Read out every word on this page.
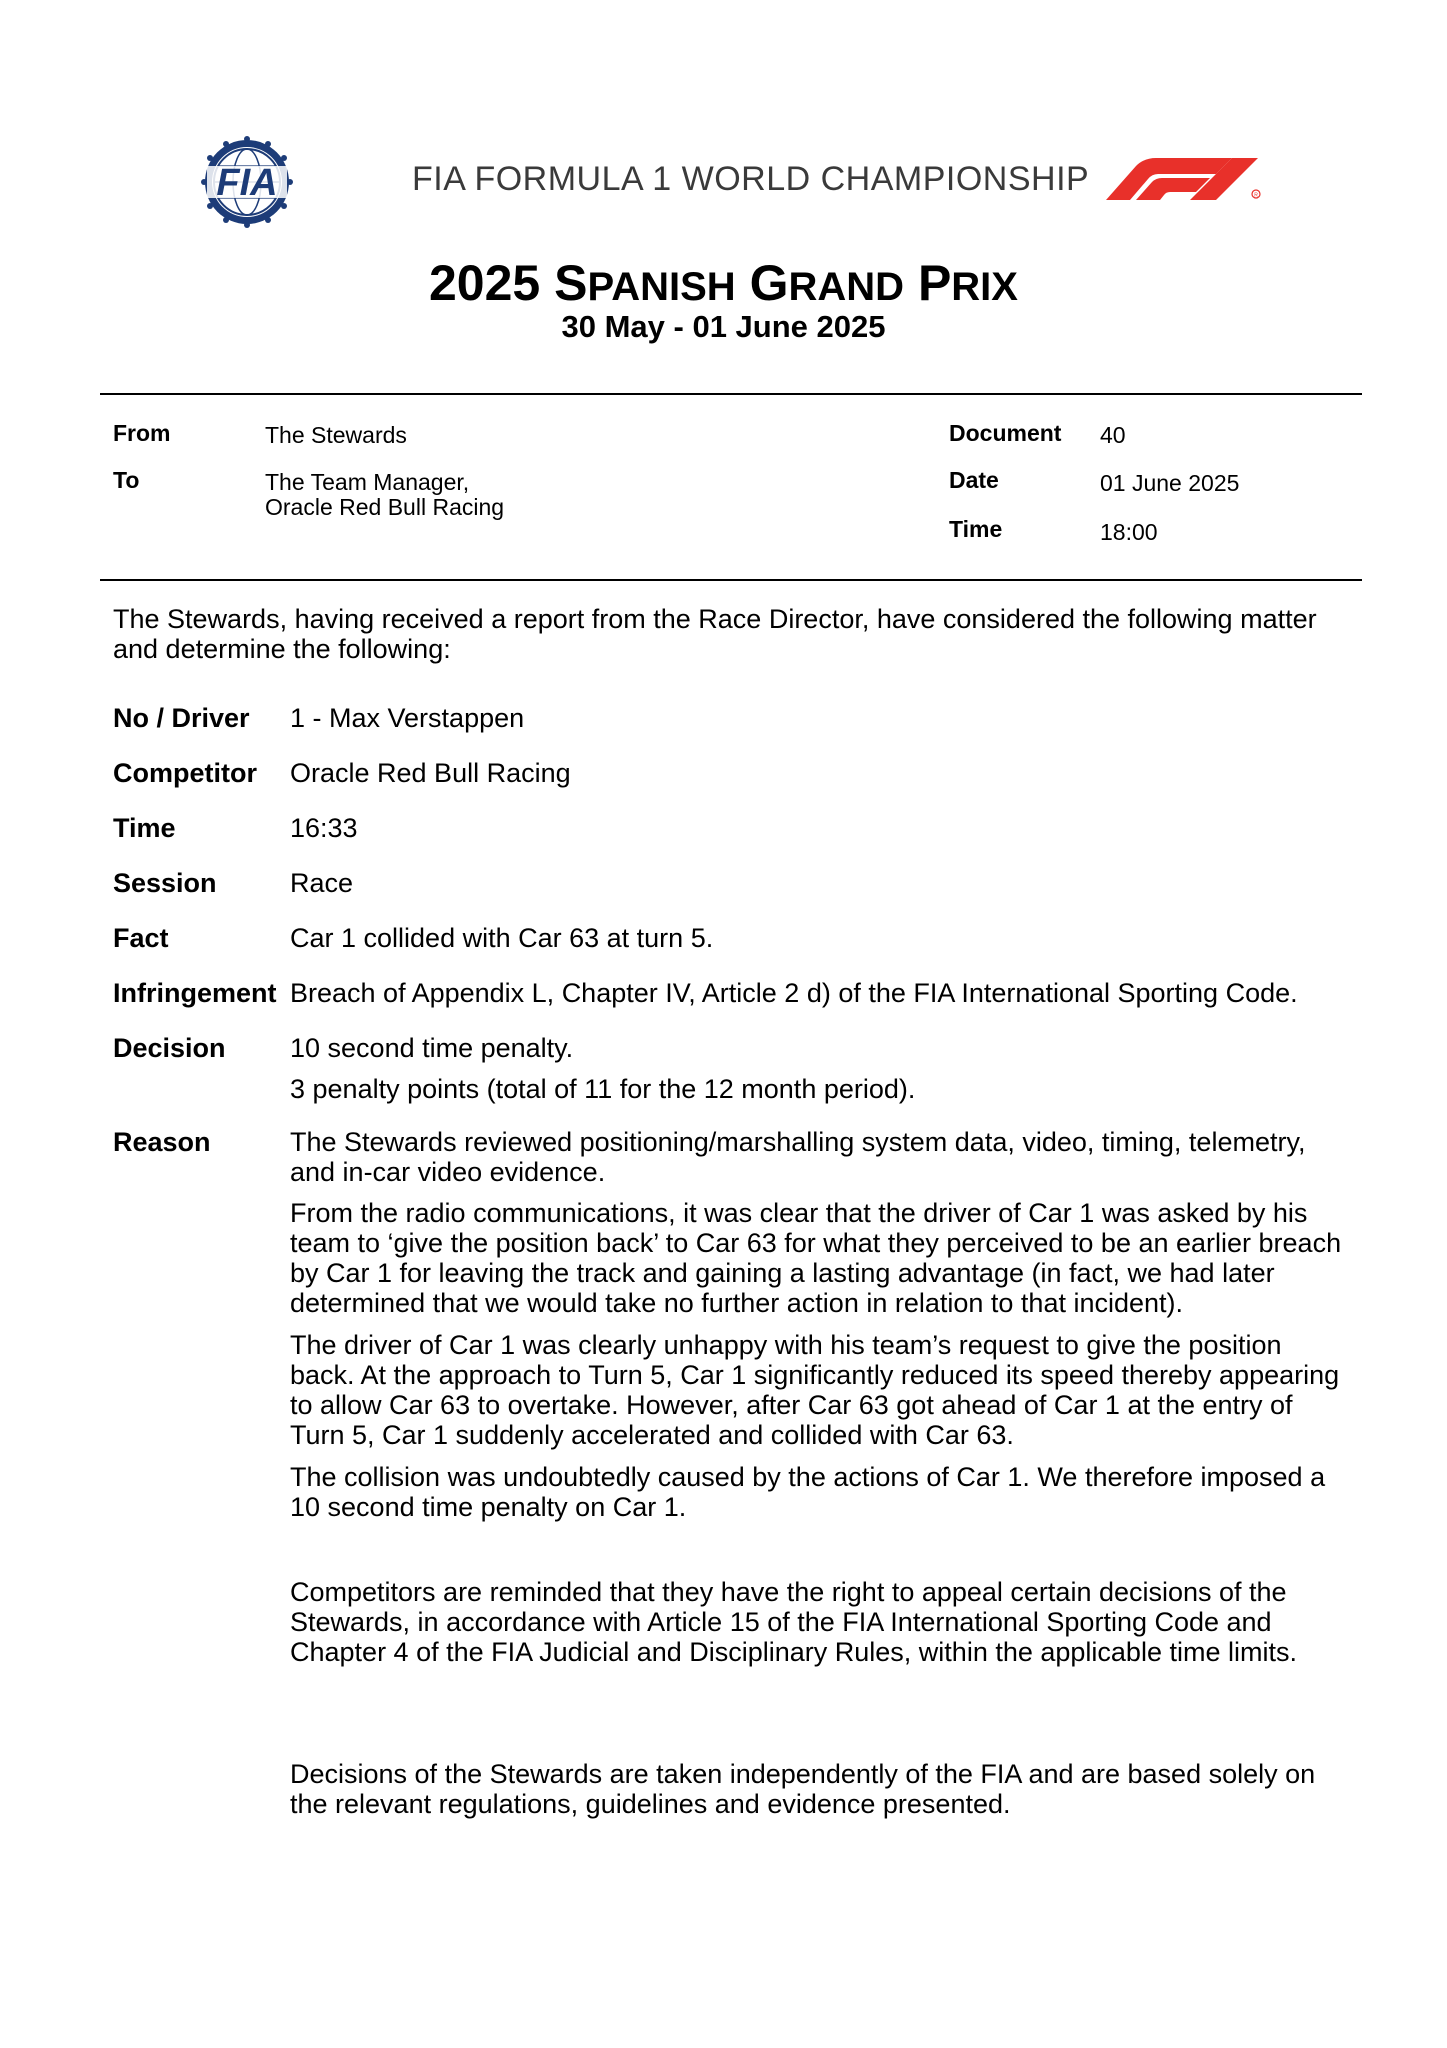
FIA	FIA FORMULA 1 WORLD CHAMPIONSHIP	R
2025 SPANISH GRAND PRIX
30 May - 01 June 2025
From	The Stewards
To	The Team Manager,
Oracle Red Bull Racing
Document 40
Date	01 June 2025
Time	18:00
The Stewards, having received a report from the Race Director, have considered the following matter and determine the following:
No / Driver 1 - Max Verstappen
Competitor Oracle Red Bull Racing
Time	16:33
Session	Race
Fact	Car 1 collided with Car 63 at turn 5.
Infringement Breach of Appendix L, Chapter IV, Article 2 d) of the FIA International Sporting Code.
Decision 10 second time penalty.
3 penalty points (total of 11 for the 12 month period).
Reason	The Stewards reviewed positioning/marshalling system data, video, timing, telemetry, and in-car video evidence.
From the radio communications, it was clear that the driver of Car 1 was asked by his team to ‘give the position back’ to Car 63 for what they perceived to be an earlier breach by Car 1 for leaving the track and gaining a lasting advantage (in fact, we had later determined that we would take no further action in relation to that incident).
The driver of Car 1 was clearly unhappy with his team’s request to give the position back. At the approach to Turn 5, Car 1 significantly reduced its speed thereby appearing to allow Car 63 to overtake. However, after Car 63 got ahead of Car 1 at the entry of Turn 5, Car 1 suddenly accelerated and collided with Car 63.
The collision was undoubtedly caused by the actions of Car 1. We therefore imposed a 10 second time penalty on Car 1.
Competitors are reminded that they have the right to appeal certain decisions of the Stewards, in accordance with Article 15 of the FIA International Sporting Code and Chapter 4 of the FIA Judicial and Disciplinary Rules, within the applicable time limits.
Decisions of the Stewards are taken independently of the FIA and are based solely on the relevant regulations, guidelines and evidence presented.
